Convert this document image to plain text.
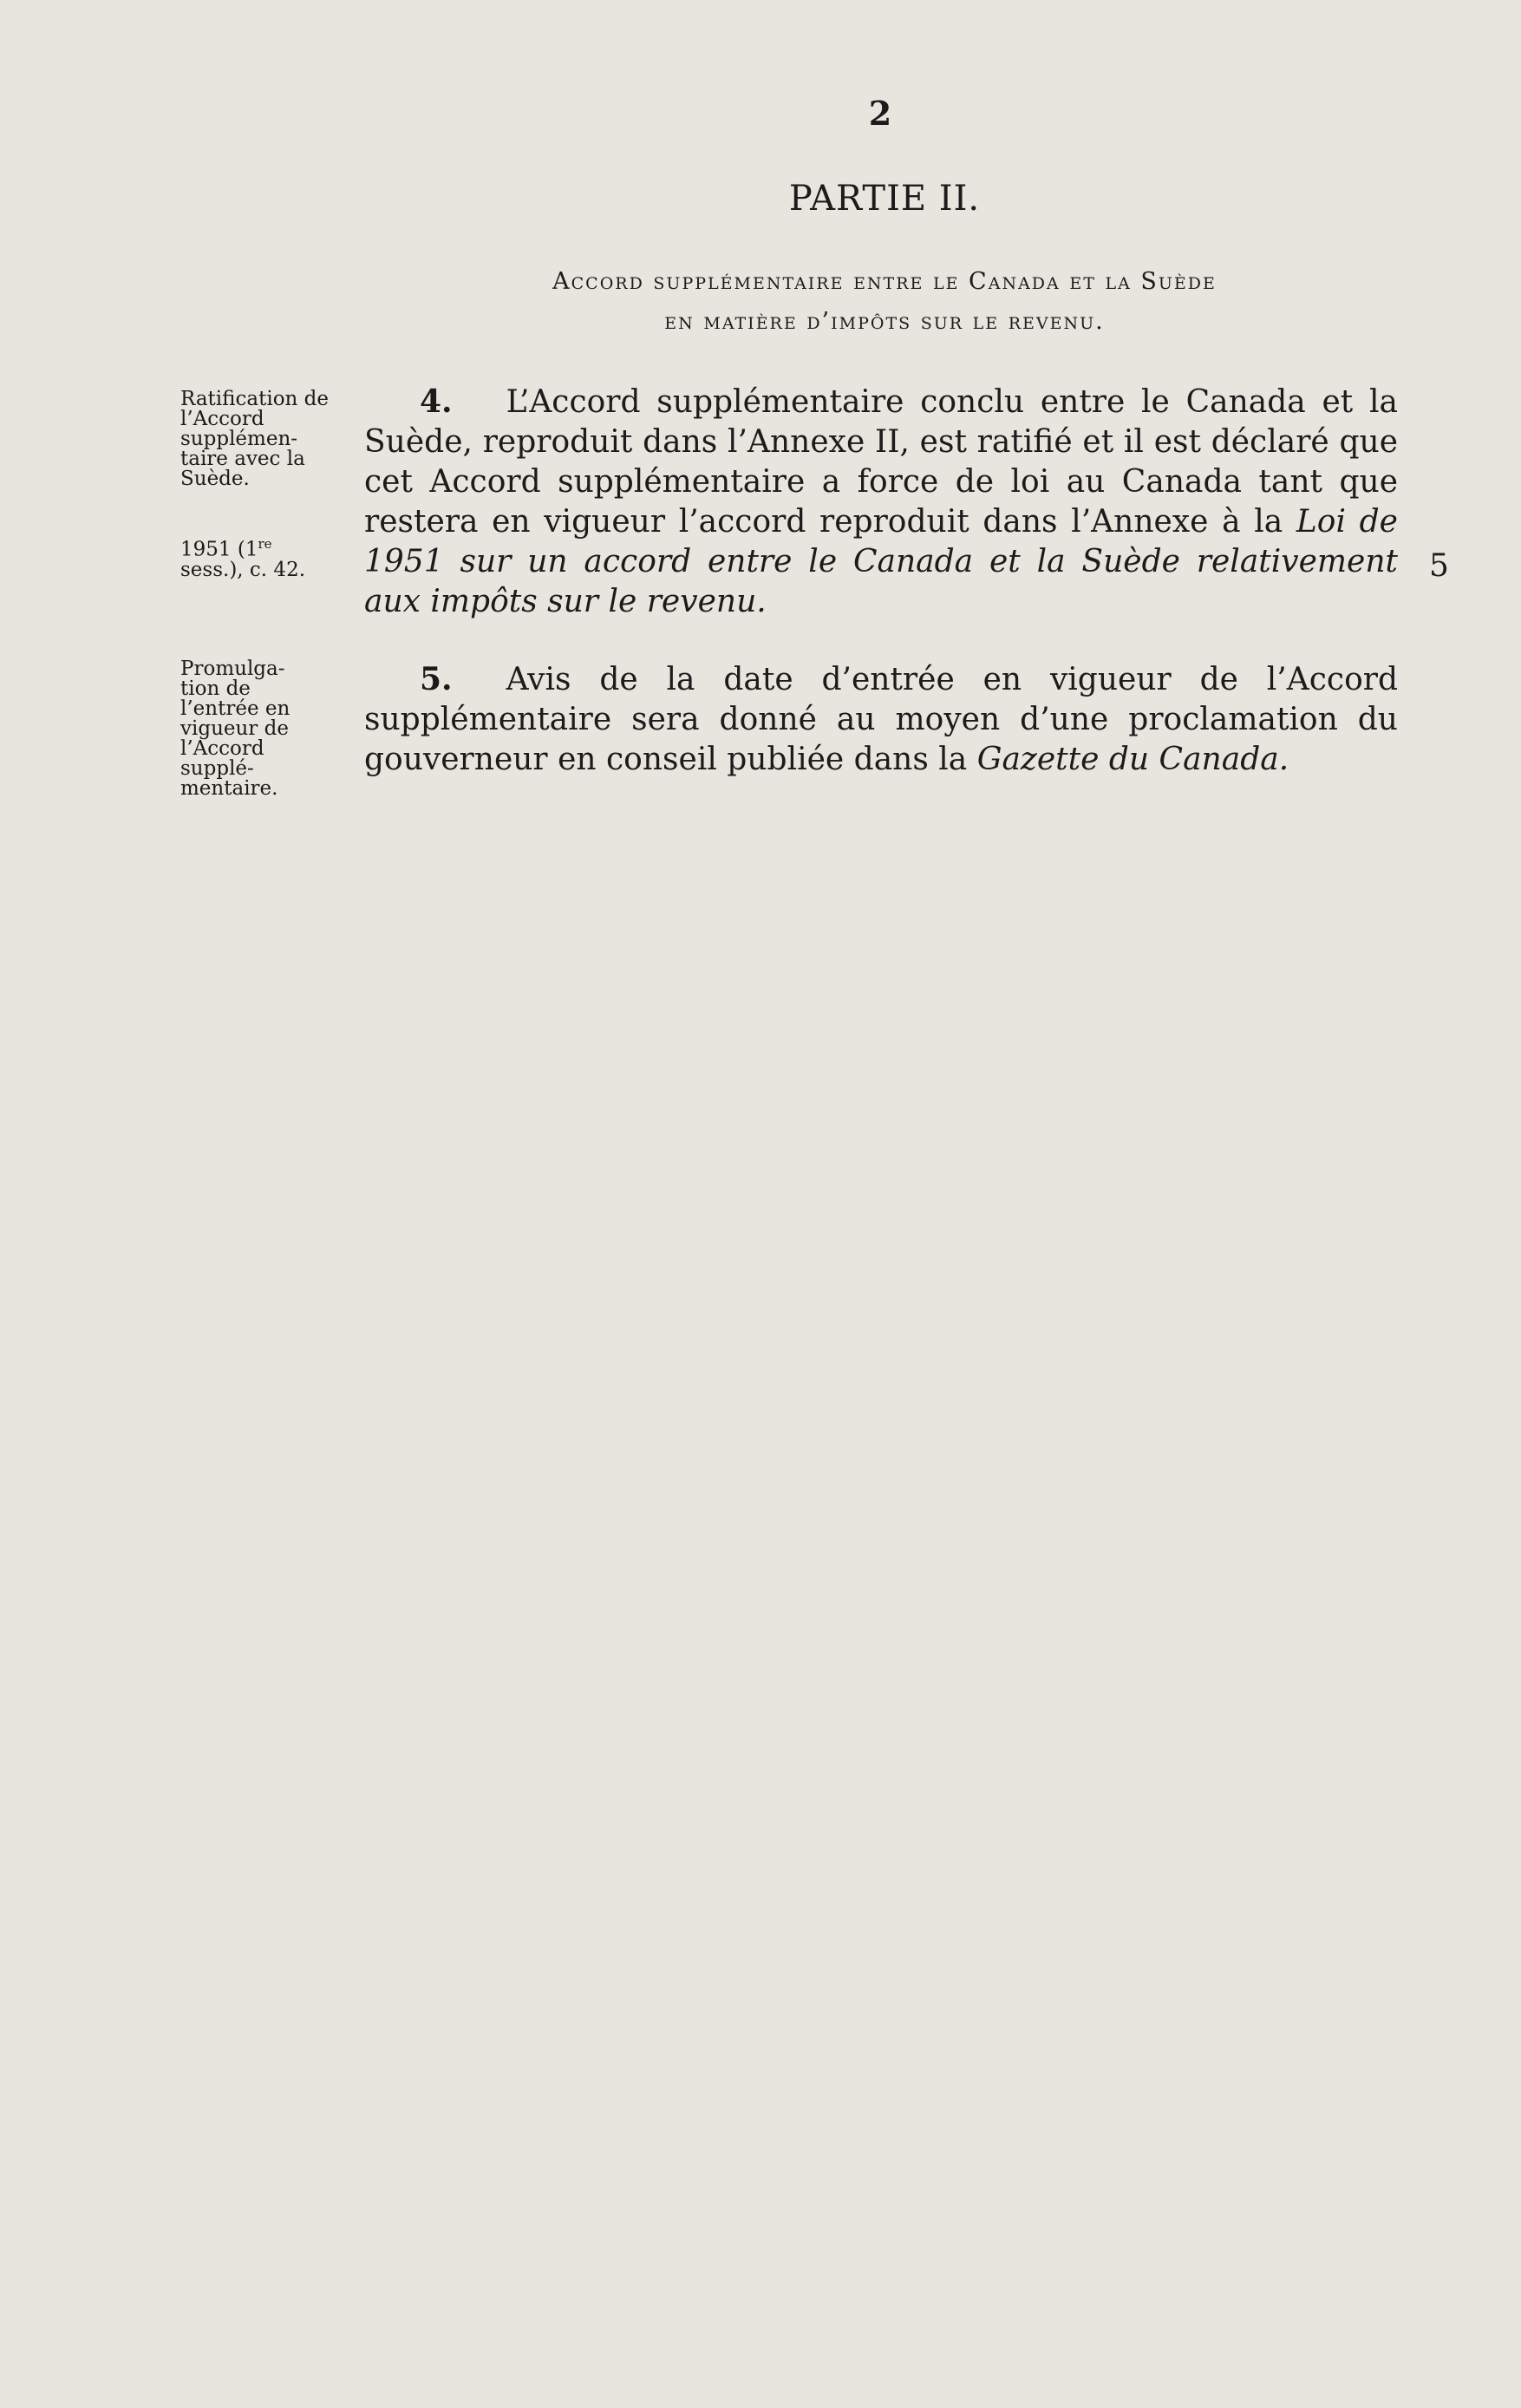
2
PARTIE II.
Accord supplémentaire entre le Canada et la Suède
en matière d’impôts sur le revenu.
Ratification de l’Accord supplémen-taire avec la Suède.
1951 (1re sess.), c. 42.
Promulga-tion de l’entrée en vigueur de l’Accord supplé-mentaire.
4. L’Accord supplémentaire conclu entre le Canada et la Suède, reproduit dans l’Annexe II, est ratifié et il est déclaré que cet Accord supplémentaire a force de loi au Canada tant que restera en vigueur l’accord reproduit dans l’Annexe à la Loi de 1951 sur un accord entre le Canada et la Suède relativement aux impôts sur le revenu.
5
5. Avis de la date d’entrée en vigueur de l’Accord supplémentaire sera donné au moyen d’une proclamation du gouverneur en conseil publiée dans la Gazette du Canada.
